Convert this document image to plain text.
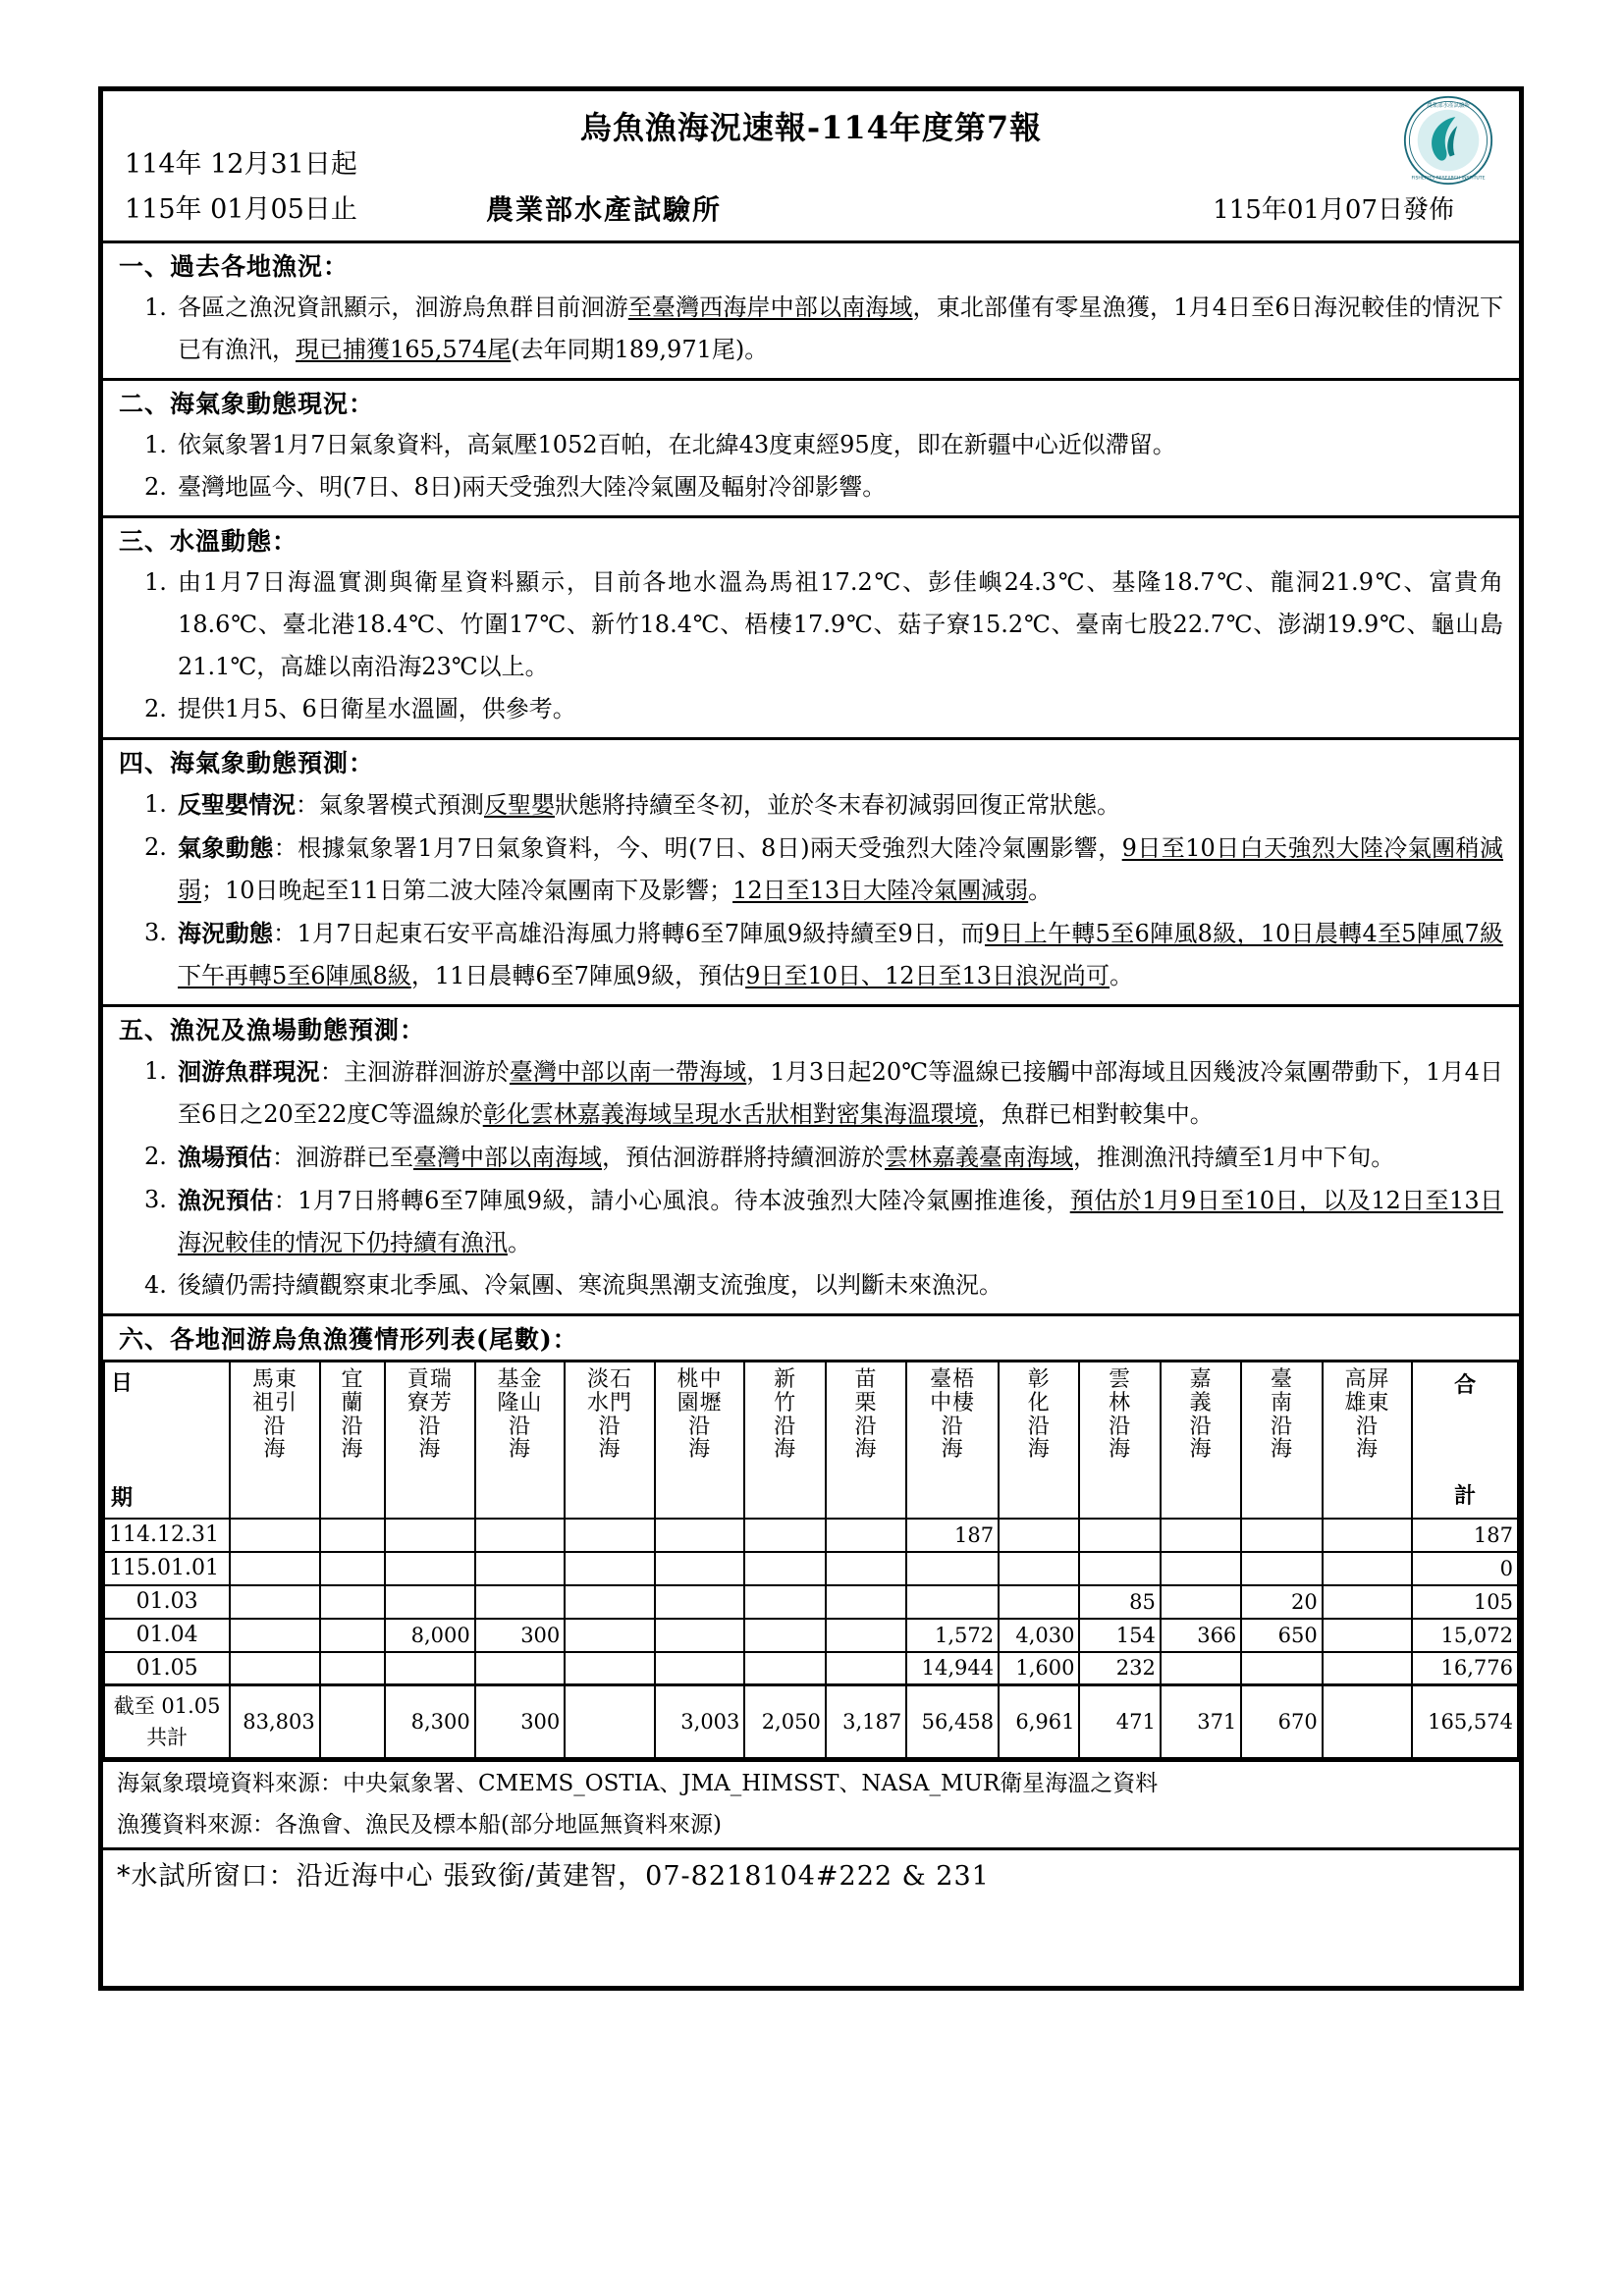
烏魚漁海況速報-114年度第7報
114年 12月31日起
115年 01月05日止	農業部水產試驗所	115年01月07日發佈
農業部水產試驗所
FISHERIES RESEARCH INSTITUTE
一、過去各地漁況：
1. 各區之漁況資訊顯示，洄游烏魚群目前洄游至臺灣西海岸中部以南海域，東北部僅有零星漁獲，1月4日至6日海況較佳的情況下已有漁汛，現已捕獲165,574尾(去年同期189,971尾)。
二、海氣象動態現況：
1. 依氣象署1月7日氣象資料，高氣壓1052百帕，在北緯43度東經95度，即在新疆中心近似滯留。
2. 臺灣地區今、明(7日、8日)兩天受強烈大陸冷氣團及輻射冷卻影響。
三、水溫動態：
1. 由1月7日海溫實測與衛星資料顯示，目前各地水溫為馬祖17.2℃、彭佳嶼24.3℃、基隆18.7℃、龍洞21.9℃、富貴角18.6℃、臺北港18.4℃、竹圍17℃、新竹18.4℃、梧棲17.9℃、菇子寮15.2℃、臺南七股22.7℃、澎湖19.9℃、龜山島21.1℃，高雄以南沿海23℃以上。
2. 提供1月5、6日衛星水溫圖，供參考。
四、海氣象動態預測：
1. 反聖嬰情況：氣象署模式預測反聖嬰狀態將持續至冬初，並於冬末春初減弱回復正常狀態。
2. 氣象動態：根據氣象署1月7日氣象資料，今、明(7日、8日)兩天受強烈大陸冷氣團影響，9日至10日白天強烈大陸冷氣團稍減弱；10日晚起至11日第二波大陸冷氣團南下及影響；12日至13日大陸冷氣團減弱。
3. 海況動態：1月7日起東石安平高雄沿海風力將轉6至7陣風9級持續至9日，而9日上午轉5至6陣風8級，10日晨轉4至5陣風7級下午再轉5至6陣風8級，11日晨轉6至7陣風9級，預估9日至10日、12日至13日浪況尚可。
五、漁況及漁場動態預測：
1. 洄游魚群現況：主洄游群洄游於臺灣中部以南一帶海域，1月3日起20℃等溫線已接觸中部海域且因幾波冷氣團帶動下，1月4日至6日之20至22度C等溫線於彰化雲林嘉義海域呈現水舌狀相對密集海溫環境，魚群已相對較集中。
2. 漁場預估：洄游群已至臺灣中部以南海域，預估洄游群將持續洄游於雲林嘉義臺南海域，推測漁汛持續至1月中下旬。
3. 漁況預估：1月7日將轉6至7陣風9級，請小心風浪。待本波強烈大陸冷氣團推進後，預估於1月9日至10日，以及12日至13日海況較佳的情況下仍持續有漁汛。
4. 後續仍需持續觀察東北季風、冷氣團、寒流與黑潮支流強度，以判斷未來漁況。
六、各地洄游烏魚漁獲情形列表(尾數)：
日
期

馬東
祖引
沿
海

宜
蘭
沿
海

貢瑞
寮芳
沿
海

基金
隆山
沿
海

淡石
水門
沿
海

桃中
園壢
沿
海

新
竹
沿
海

苗
栗
沿
海

臺梧
中棲
沿
海

彰
化
沿
海

雲
林
沿
海

嘉
義
沿
海

臺
南
沿
海

高屏
雄東
沿
海

合
計

114.12.31									187						187
115.01.01															0
01.03											85		20		105
01.04			8,000	300					1,572	4,030	154	366	650		15,072
01.05									14,944	1,600	232				16,776

截至 01.05
共計	83,803		8,300	300		3,003	2,050	3,187	56,458	6,961	471	371	670		165,574
海氣象環境資料來源：中央氣象署、CMEMS_OSTIA、JMA_HIMSST、NASA_MUR衛星海溫之資料
漁獲資料來源：各漁會、漁民及標本船(部分地區無資料來源)
*水試所窗口：沿近海中心 張致銜/黃建智，07-8218104#222 & 231
